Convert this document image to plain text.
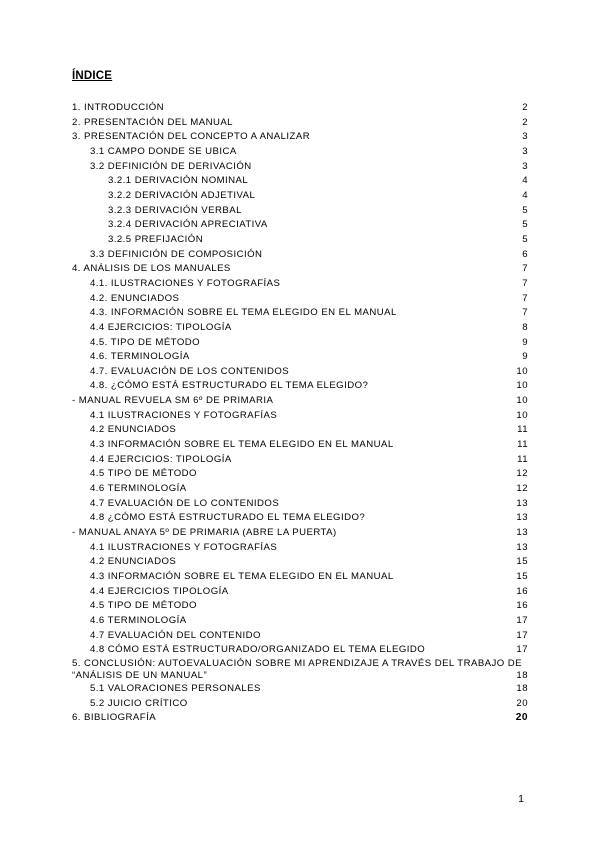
ÍNDICE
1. INTRODUCCIÓN	2
2. PRESENTACIÓN DEL MANUAL	2
3. PRESENTACIÓN DEL CONCEPTO A ANALIZAR	3
3.1 CAMPO DONDE SE UBICA	3
3.2 DEFINICIÓN DE DERIVACIÓN	3
3.2.1 DERIVACIÓN NOMINAL	4
3.2.2 DERIVACIÓN ADJETIVAL	4
3.2.3 DERIVACIÓN VERBAL	5
3.2.4 DERIVACIÓN APRECIATIVA	5
3.2.5 PREFIJACIÓN	5
3.3 DEFINICIÓN DE COMPOSICIÓN	6
4. ANÁLISIS DE LOS MANUALES	7
4.1. ILUSTRACIONES Y FOTOGRAFÍAS	7
4.2. ENUNCIADOS	7
4.3. INFORMACIÓN SOBRE EL TEMA ELEGIDO EN EL MANUAL	7
4.4 EJERCICIOS: TIPOLOGÍA	8
4.5. TIPO DE MÉTODO	9
4.6. TERMINOLOGÍA	9
4.7. EVALUACIÓN DE LOS CONTENIDOS	10
4.8. ¿CÓMO ESTÁ ESTRUCTURADO EL TEMA ELEGIDO?	10
- MANUAL REVUELA SM 6º DE PRIMARIA	10
4.1 ILUSTRACIONES Y FOTOGRAFÍAS	10
4.2 ENUNCIADOS	11
4.3 INFORMACIÓN SOBRE EL TEMA ELEGIDO EN EL MANUAL	11
4.4 EJERCICIOS: TIPOLOGÍA	11
4.5 TIPO DE MÉTODO	12
4.6 TERMINOLOGÍA	12
4.7 EVALUACIÓN DE LO CONTENIDOS	13
4.8 ¿CÓMO ESTÁ ESTRUCTURADO EL TEMA ELEGIDO?	13
- MANUAL ANAYA 5º DE PRIMARIA (ABRE LA PUERTA)	13
4.1 ILUSTRACIONES Y FOTOGRAFÍAS	13
4.2 ENUNCIADOS	15
4.3 INFORMACIÓN SOBRE EL TEMA ELEGIDO EN EL MANUAL	15
4.4 EJERCICIOS TIPOLOGÍA	16
4.5 TIPO DE MÉTODO	16
4.6 TERMINOLOGÍA	17
4.7 EVALUACIÓN DEL CONTENIDO	17
4.8 CÓMO ESTÁ ESTRUCTURADO/ORGANIZADO EL TEMA ELEGIDO	17
5. CONCLUSIÓN: AUTOEVALUACIÓN SOBRE MI APRENDIZAJE A TRAVÉS DEL TRABAJO DE
“ANÁLISIS DE UN MANUAL”	18
5.1 VALORACIONES PERSONALES	18
5.2 JUICIO CRÍTICO	20
6. BIBLIOGRAFÍA	20
1
